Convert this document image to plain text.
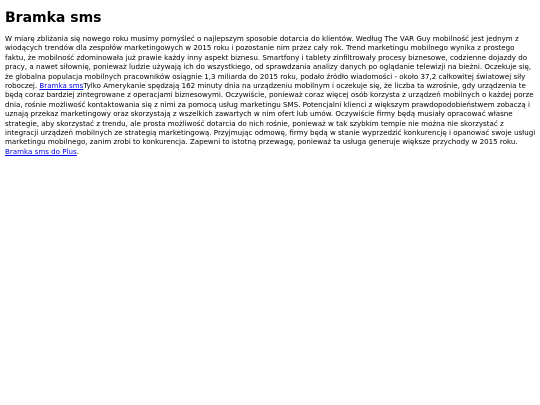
Bramka sms

W miarę zbliżania się nowego roku musimy pomyśleć o najlepszym sposobie dotarcia do klientów. Według The VAR Guy mobilność jest jednym z wiodących trendów dla zespołów marketingowych w 2015 roku i pozostanie nim przez cały rok. Trend marketingu mobilnego wynika z prostego faktu, że mobilność zdominowała już prawie każdy inny aspekt biznesu. Smartfony i tablety zinfiltrowały procesy biznesowe, codzienne dojazdy do pracy, a nawet siłownię, ponieważ ludzie używają ich do wszystkiego, od sprawdzania analizy danych po oglądanie telewizji na bieżni. Oczekuje się, że globalna populacja mobilnych pracowników osiągnie 1,3 miliarda do 2015 roku, podało źródło wiadomości - około 37,2 całkowitej światowej siły roboczej. Bramka smsTylko Amerykanie spędzają 162 minuty dnia na urządzeniu mobilnym i oczekuje się, że liczba ta wzrośnie, gdy urządzenia te będą coraz bardziej zintegrowane z operacjami biznesowymi. Oczywiście, ponieważ coraz więcej osób korzysta z urządzeń mobilnych o każdej porze dnia, rośnie możliwość kontaktowania się z nimi za pomocą usług marketingu SMS. Potencjalni klienci z większym prawdopodobieństwem zobaczą i uznają przekaz marketingowy oraz skorzystają z wszelkich zawartych w nim ofert lub umów. Oczywiście firmy będą musiały opracować własne strategie, aby skorzystać z trendu, ale prosta możliwość dotarcia do nich rośnie, ponieważ w tak szybkim tempie nie można nie skorzystać z integracji urządzeń mobilnych ze strategią marketingową. Przyjmując odmowę, firmy będą w stanie wyprzedzić konkurencję i opanować swoje usługi marketingu mobilnego, zanim zrobi to konkurencja. Zapewni to istotną przewagę, ponieważ ta usługa generuje większe przychody w 2015 roku. Bramka sms do Plus.
